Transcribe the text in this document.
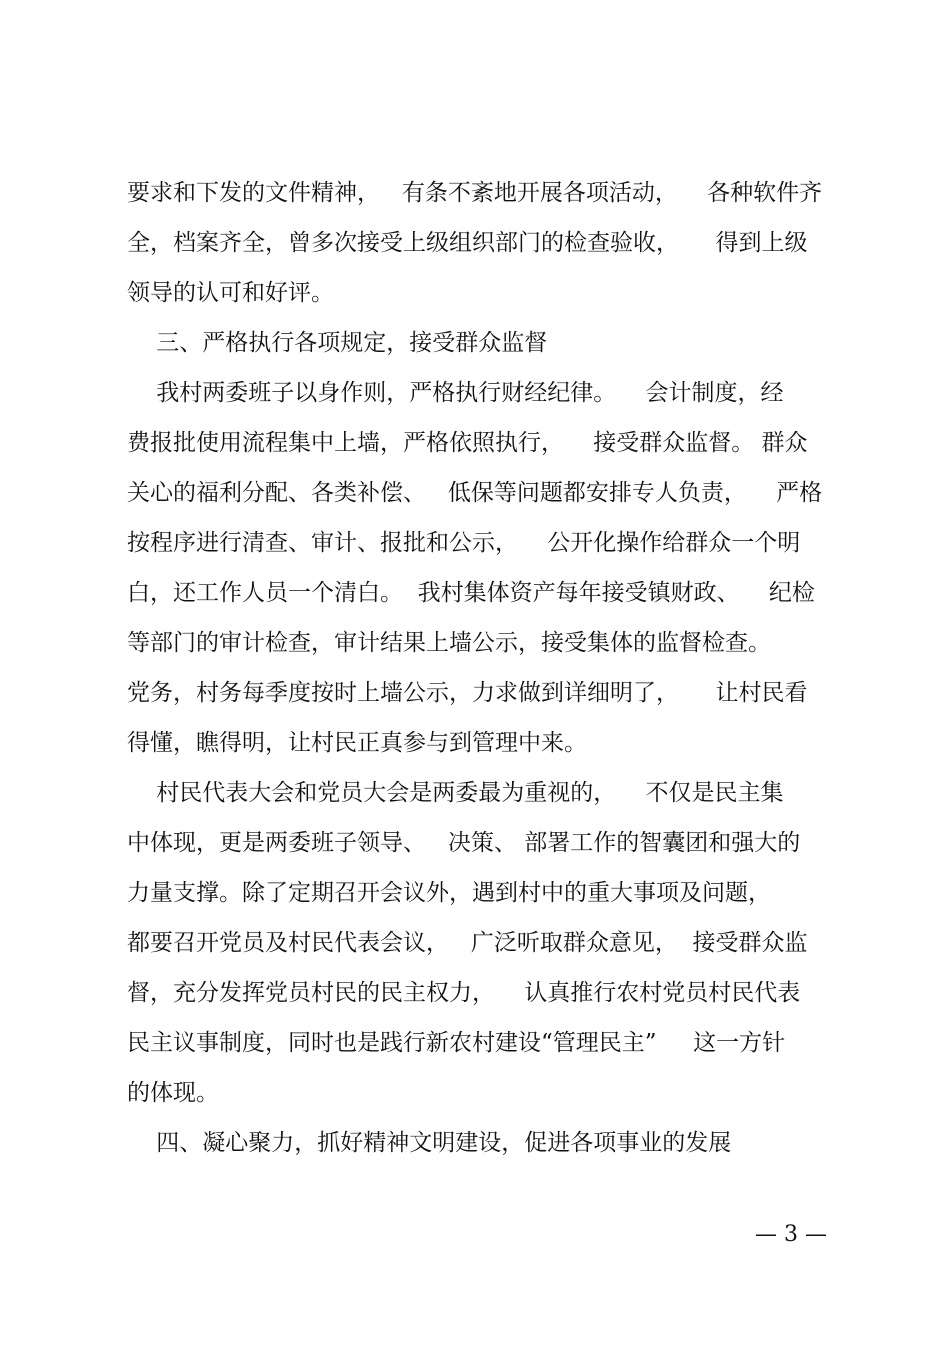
要求和下发的文件精神，   有条不紊地开展各项活动，    各种软件齐
全，档案齐全，曾多次接受上级组织部门的检查验收，     得到上级
领导的认可和好评。
三、严格执行各项规定，接受群众监督
我村两委班子以身作则，严格执行财经纪律。    会计制度，经
费报批使用流程集中上墙，严格依照执行，    接受群众监督。 群众
关心的福利分配、各类补偿、   低保等问题都安排专人负责，    严格
按程序进行清查、审计、报批和公示，    公开化操作给群众一个明
白，还工作人员一个清白。  我村集体资产每年接受镇财政、    纪检
等部门的审计检查，审计结果上墙公示，接受集体的监督检查。
党务，村务每季度按时上墙公示，力求做到详细明了，     让村民看
得懂，瞧得明，让村民正真参与到管理中来。
村民代表大会和党员大会是两委最为重视的，    不仅是民主集
中体现，更是两委班子领导、   决策、 部署工作的智囊团和强大的
力量支撑。除了定期召开会议外，遇到村中的重大事项及问题，
都要召开党员及村民代表会议，   广泛听取群众意见，  接受群众监
督，充分发挥党员村民的民主权力，    认真推行农村党员村民代表
民主议事制度，同时也是践行新农村建设“管理民主”     这一方针
的体现。
四、凝心聚力，抓好精神文明建设，促进各项事业的发展
— 3 —
